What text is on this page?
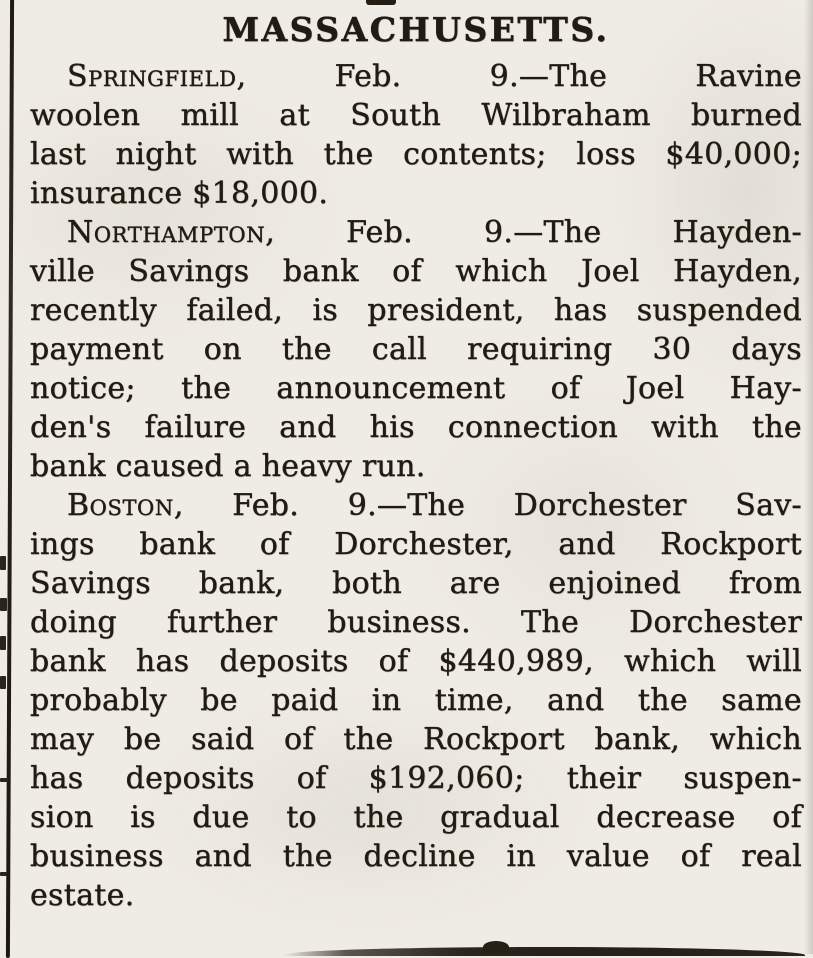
MASSACHUSETTS.
Springfield, Feb. 9.—The Ravine
woolen mill at South Wilbraham burned
last night with the contents; loss $40,000;
insurance $18,000.
Northampton, Feb. 9.—The Hayden-
ville Savings bank of which Joel Hayden,
recently failed, is president, has suspended
payment on the call requiring 30 days
notice; the announcement of Joel Hay-
den's failure and his connection with the
bank caused a heavy run.
Boston, Feb. 9.—The Dorchester Sav-
ings bank of Dorchester, and Rockport
Savings bank, both are enjoined from
doing further business. The Dorchester
bank has deposits of $440,989, which will
probably be paid in time, and the same
may be said of the Rockport bank, which
has deposits of $192,060; their suspen-
sion is due to the gradual decrease of
business and the decline in value of real
estate.
